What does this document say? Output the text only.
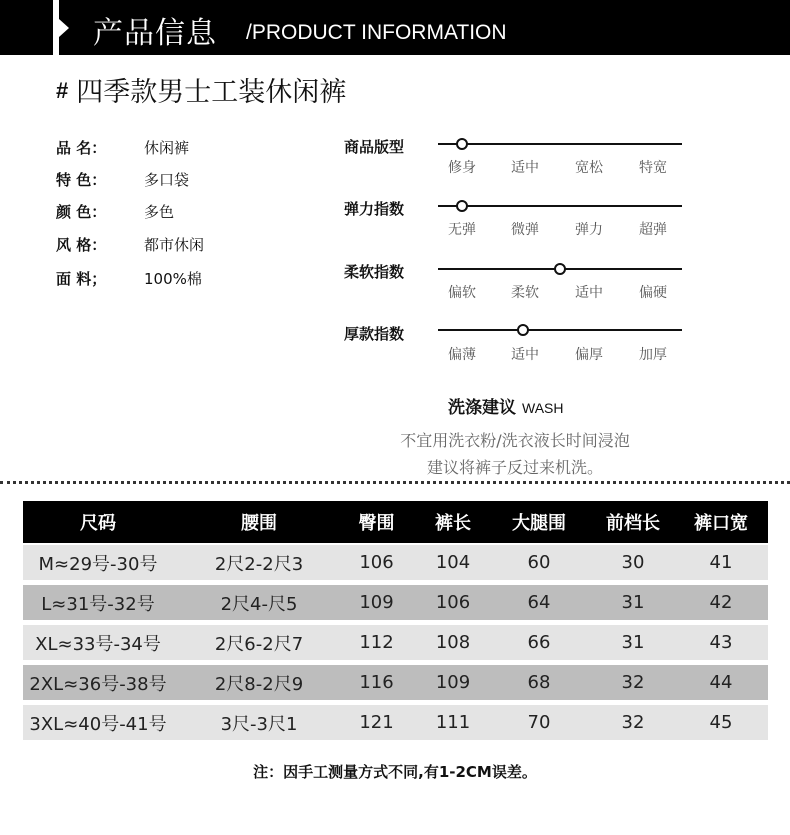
产品信息 /PRODUCT INFORMATION
# 四季款男士工装休闲裤
品 名：	休闲裤
特 色：	多口袋
颜 色：	多色
风 格：	都市休闲
面 料；	100%棉
商品版型
修身	适中	宽松	特宽
弹力指数
无弹	微弹	弹力	超弹
柔软指数
偏软	柔软	适中	偏硬
厚款指数
偏薄	适中	偏厚	加厚
洗涤建议 WASH
不宜用洗衣粉/洗衣液长时间浸泡
建议将裤子反过来机洗。
尺码	腰围	臀围	裤长	大腿围	前档长	裤口宽
M≈29号-30号	2尺2-2尺3	106	104	60	30	41
L≈31号-32号	2尺4-尺5	109	106	64	31	42
XL≈33号-34号	2尺6-2尺7	112	108	66	31	43
2XL≈36号-38号	2尺8-2尺9	116	109	68	32	44
3XL≈40号-41号	3尺-3尺1	121	111	70	32	45
注：因手工测量方式不同,有1-2CM误差。
